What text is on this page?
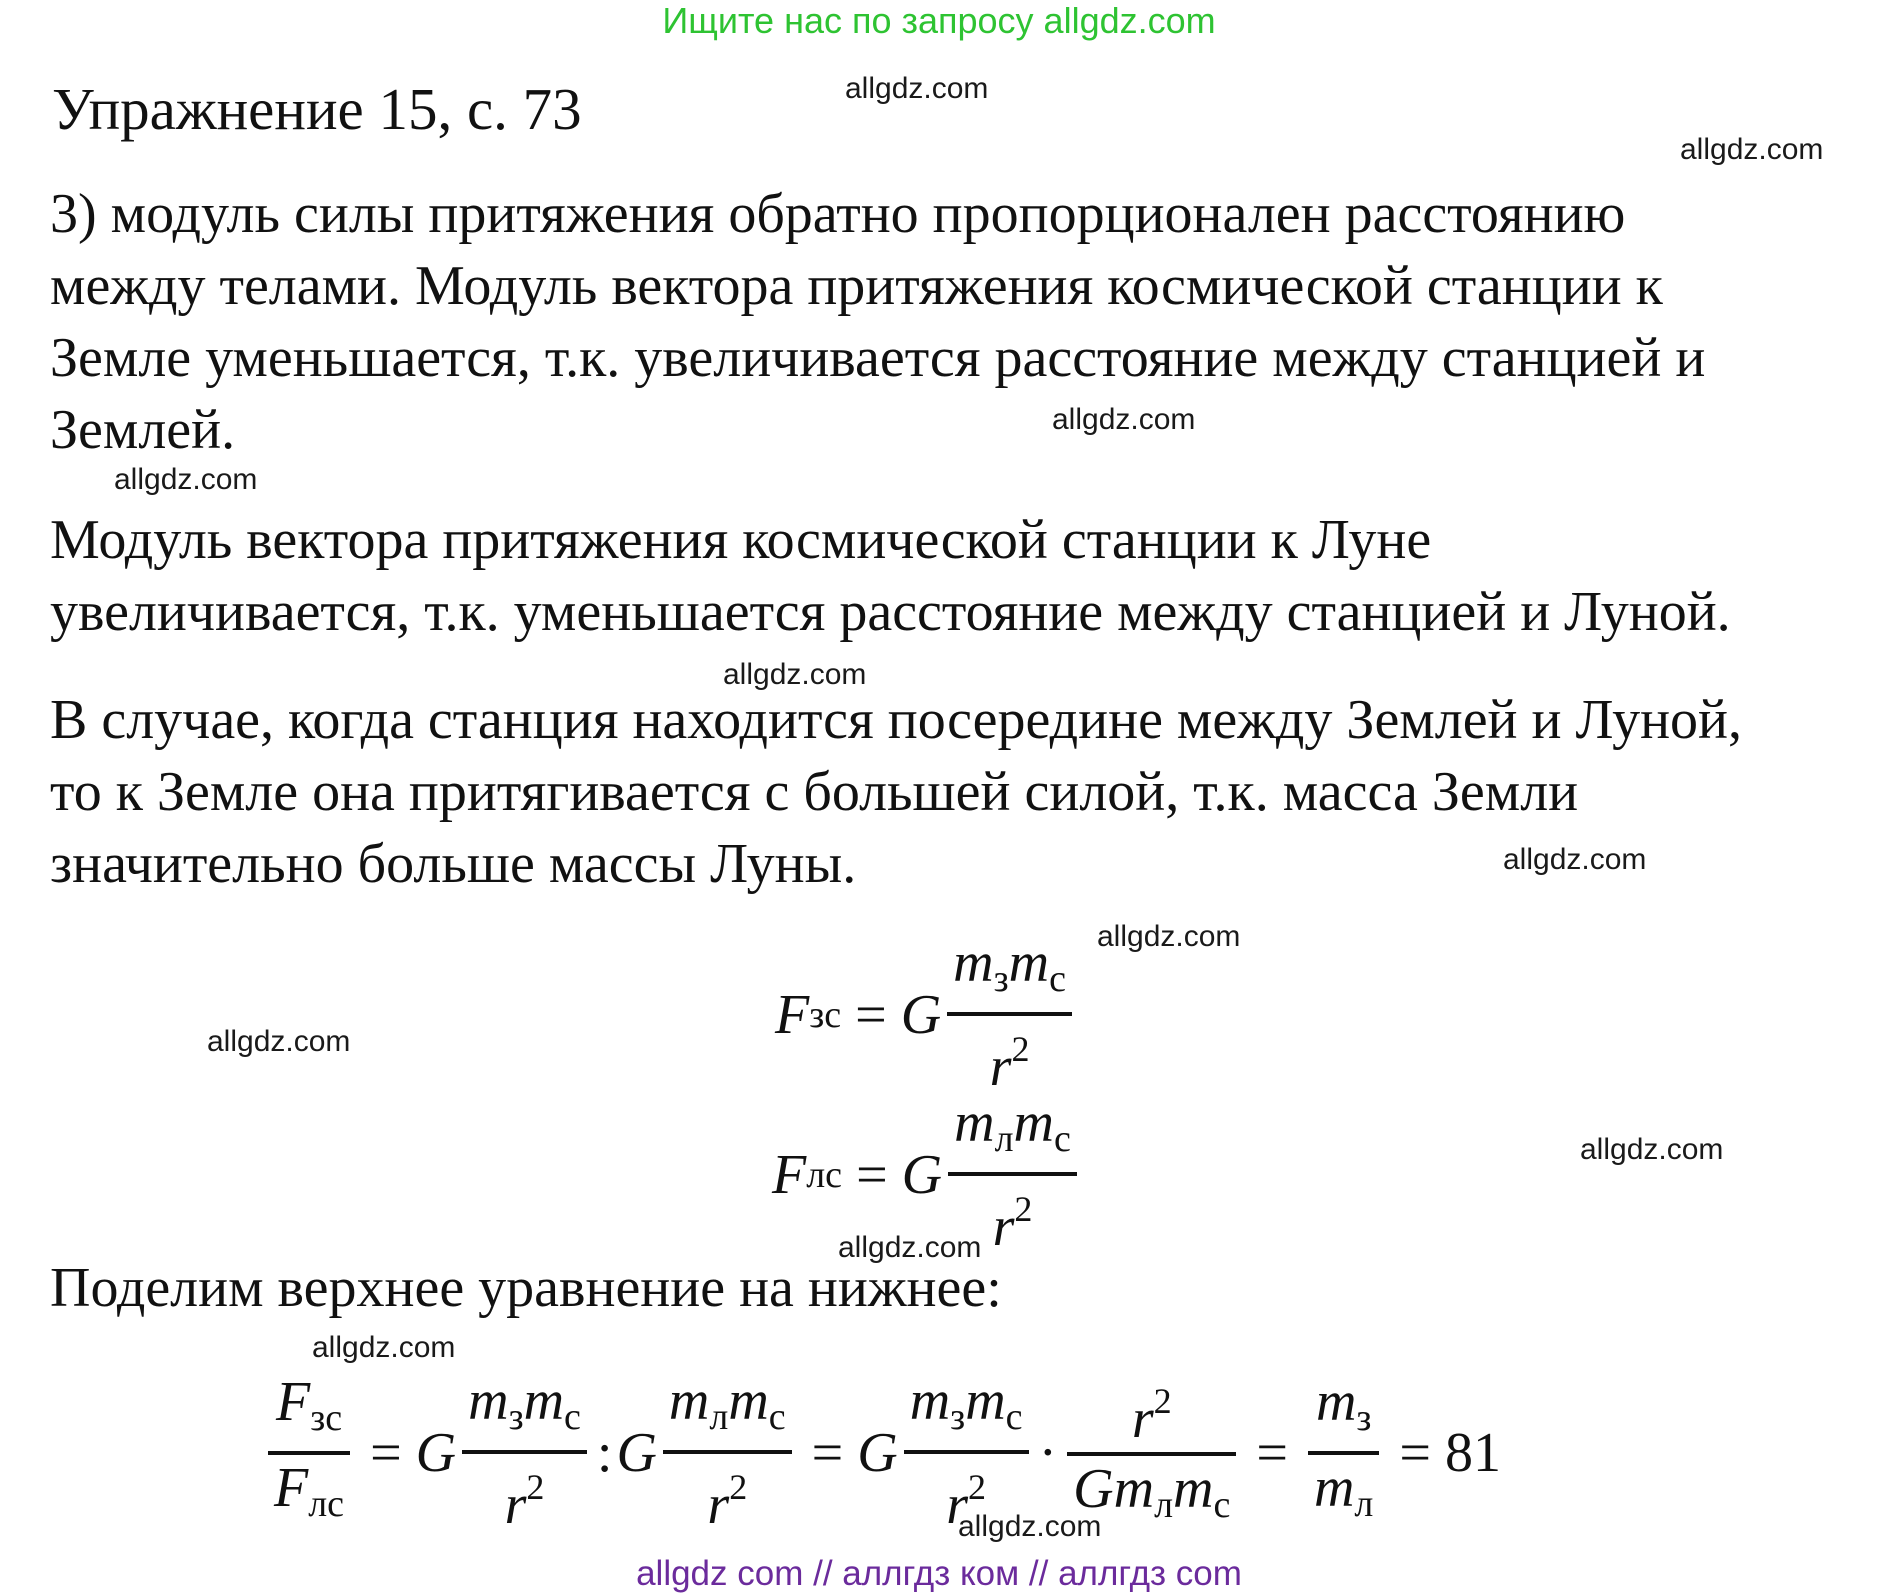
Ищите нас по запросу allgdz.com
Упражнение 15, с. 73	allgdz.com
allgdz.com
allgdz.com
allgdz.com
allgdz.com
allgdz.com
allgdz.com
allgdz.com
allgdz.com
allgdz.com
allgdz.com
allgdz.com
3) модуль силы притяжения обратно пропорционален расстоянию
между телами. Модуль вектора притяжения космической станции к
Земле уменьшается, т.к. увеличивается расстояние между станцией и
Землей.
Модуль вектора притяжения космической станции к Луне
увеличивается, т.к. уменьшается расстояние между станцией и Луной.
В случае, когда станция находится посередине между Землей и Луной,
то к Земле она притягивается с большей силой, т.к. масса Земли
значительно больше массы Луны.
F зс = G $\frac{m_зm_с}{r^2}$
F лс = G $\frac{m_лm_с}{r^2}$
Поделим верхнее уравнение на нижнее:
$\frac{F_{зс}}{F_{лс}} = G \frac{m_зm_с}{r^2}$ : G $\frac{m_лm_с}{r^2} = G \frac{m_зm_с}{r^2} \cdot \frac{r^2}{Gm_лm_с} = \frac{m_з}{m_л} = 81$
allgdz com // аллгдз ком // аллгдз com
